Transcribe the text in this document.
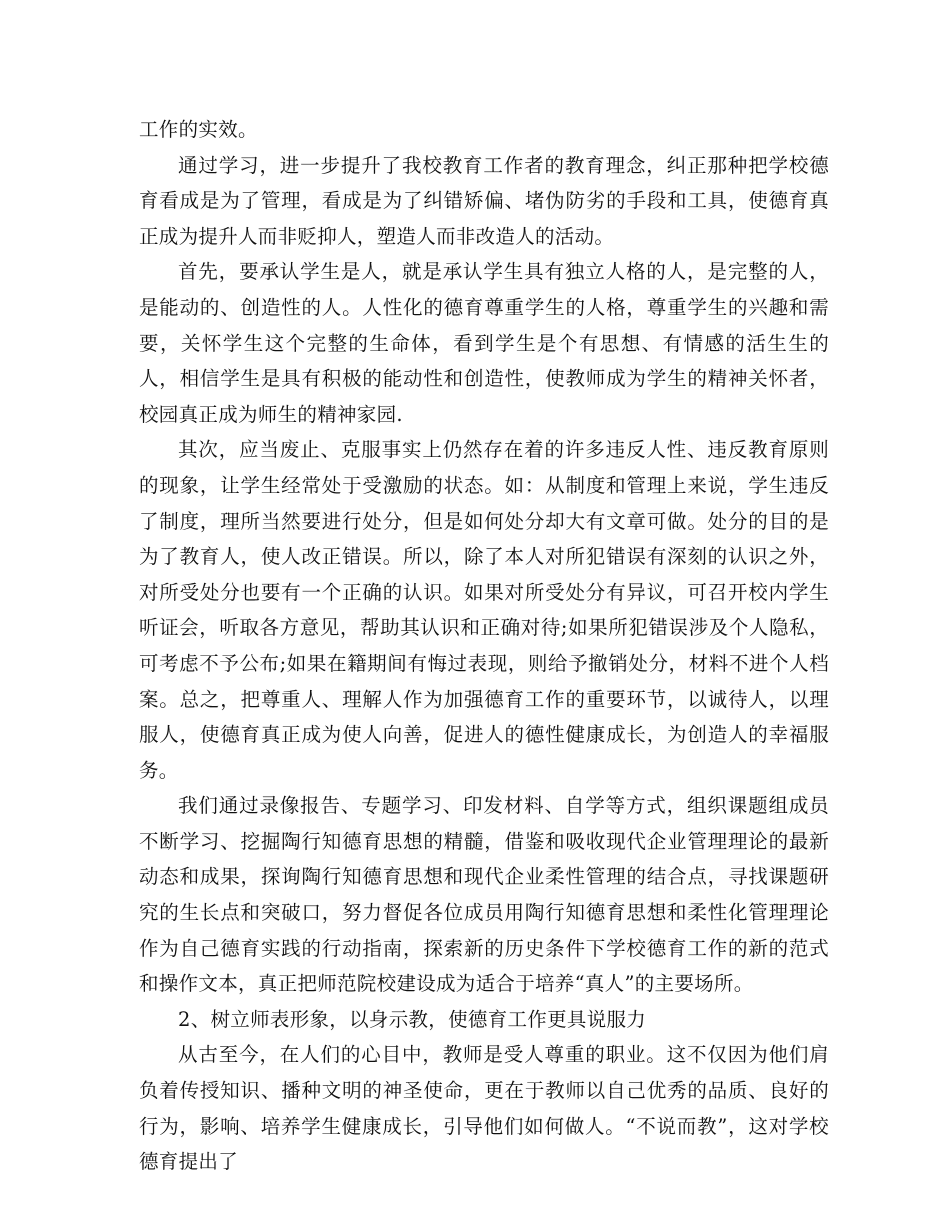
工作的实效。

通过学习，进一步提升了我校教育工作者的教育理念，纠正那种把学校德育看成是为了管理，看成是为了纠错矫偏、堵伪防劣的手段和工具，使德育真正成为提升人而非贬抑人，塑造人而非改造人的活动。

首先，要承认学生是人，就是承认学生具有独立人格的人，是完整的人，是能动的、创造性的人。人性化的德育尊重学生的人格，尊重学生的兴趣和需要，关怀学生这个完整的生命体，看到学生是个有思想、有情感的活生生的人，相信学生是具有积极的能动性和创造性，使教师成为学生的精神关怀者，校园真正成为师生的精神家园.

其次，应当废止、克服事实上仍然存在着的许多违反人性、违反教育原则的现象，让学生经常处于受激励的状态。如：从制度和管理上来说，学生违反了制度，理所当然要进行处分，但是如何处分却大有文章可做。处分的目的是为了教育人，使人改正错误。所以，除了本人对所犯错误有深刻的认识之外，对所受处分也要有一个正确的认识。如果对所受处分有异议，可召开校内学生听证会，听取各方意见，帮助其认识和正确对待;如果所犯错误涉及个人隐私，可考虑不予公布;如果在籍期间有悔过表现，则给予撤销处分，材料不进个人档案。总之，把尊重人、理解人作为加强德育工作的重要环节，以诚待人，以理服人，使德育真正成为使人向善，促进人的德性健康成长，为创造人的幸福服务。

我们通过录像报告、专题学习、印发材料、自学等方式，组织课题组成员不断学习、挖掘陶行知德育思想的精髓，借鉴和吸收现代企业管理理论的最新动态和成果，探询陶行知德育思想和现代企业柔性管理的结合点，寻找课题研究的生长点和突破口，努力督促各位成员用陶行知德育思想和柔性化管理理论作为自己德育实践的行动指南，探索新的历史条件下学校德育工作的新的范式和操作文本，真正把师范院校建设成为适合于培养“真人”的主要场所。

2、树立师表形象，以身示教，使德育工作更具说服力

从古至今，在人们的心目中，教师是受人尊重的职业。这不仅因为他们肩负着传授知识、播种文明的神圣使命，更在于教师以自己优秀的品质、良好的行为，影响、培养学生健康成长，引导他们如何做人。“不说而教”，这对学校德育提出了
